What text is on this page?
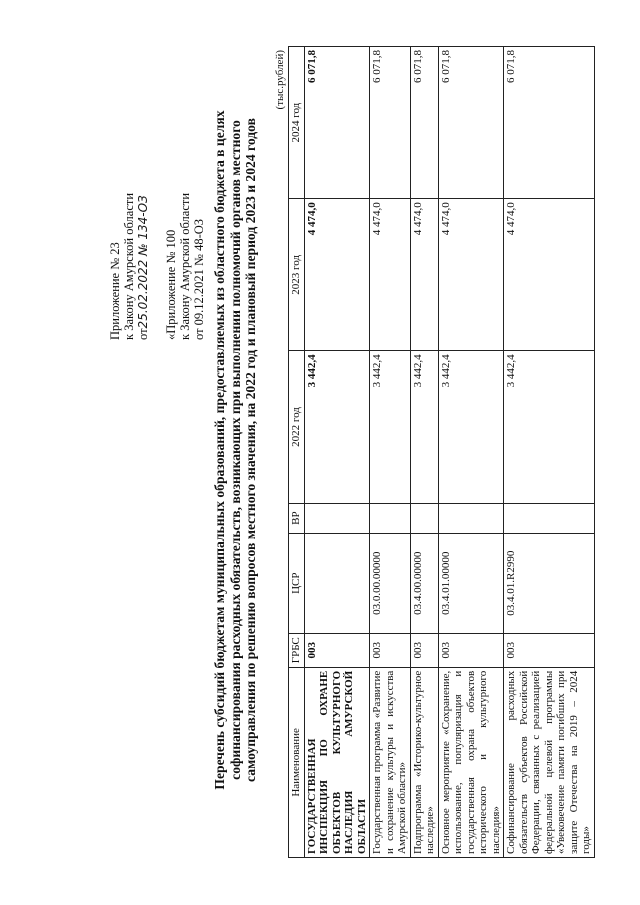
Приложение № 23 к Закону Амурской области от25.02.2022 № 134-ОЗ «Приложение № 100 к Закону Амурской области от 09.12.2021 № 48-ОЗ Перечень субсидий бюджетам муниципальных образований, предоставляемых из областного бюджета в целях софинансирования расходных обязательств, возникающих при выполнении полномочий органов местного самоуправления по решению вопросов местного значения, на 2022 год и плановый период 2023 и 2024 годов
(тыс.рублей)
Наименование	ГРБС	ЦСР	ВР	2022 год	2023 год	2024 год
ГОСУДАРСТВЕННАЯ ИНСПЕКЦИЯ ПО ОХРАНЕ ОБЪЕКТОВ КУЛЬТУРНОГО НАСЛЕДИЯ АМУРСКОЙ ОБЛАСТИ	003			3 442,4	4 474,0	6 071,8
Государственная программа «Развитие и сохранение культуры и искусства Амурской области»	003	03.0.00.00000		3 442,4	4 474,0	6 071,8
Подпрограмма «Историко-культурное наследие»	003	03.4.00.00000		3 442,4	4 474,0	6 071,8
Основное мероприятие «Сохранение, использование, популяризация и государственная охрана объектов исторического и культурного наследия»	003	03.4.01.00000		3 442,4	4 474,0	6 071,8
Софинансирование расходных обязательств субъектов Российской Федерации, связанных с реализацией федеральной целевой программы «Увековечение памяти погибших при защите Отечества на 2019 – 2024 годы»	003	03.4.01.R2990		3 442,4	4 474,0	6 071,8
